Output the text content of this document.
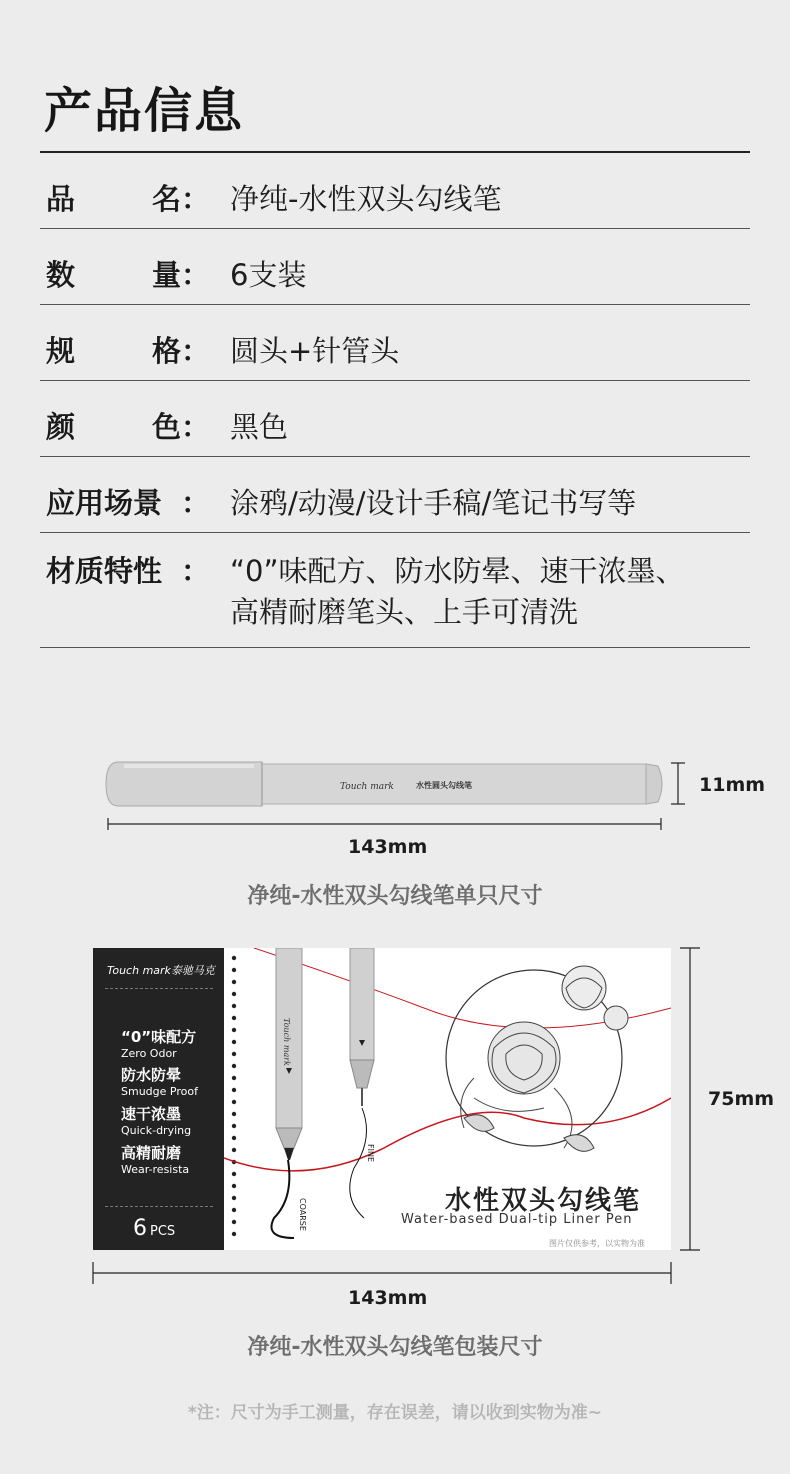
产品信息
品	名： 净纯-水性双头勾线笔
数	量： 6支装
规	格： 圆头+针管头
颜	色： 黑色
应用场景 ： 涂鸦/动漫/设计手稿/笔记书写等
材质特性 ： “0”味配方、防水防晕、速干浓墨、
高精耐磨笔头、上手可清洗
Touch mark	水性圆头勾线笔	11mm
143mm
净纯-水性双头勾线笔单只尺寸
Touch mark泰驰马克
“0”味配方
Zero Odor
防水防晕
Smudge Proof
速干浓墨
Quick-drying
高精耐磨
Wear-resista
6 PCS
Touch mark
COARSE
FINE
水性双头勾线笔
Water-based Dual-tip Liner Pen
图片仅供参考，以实物为准
75mm
143mm
净纯-水性双头勾线笔包装尺寸
*注：尺寸为手工测量，存在误差，请以收到实物为准~
